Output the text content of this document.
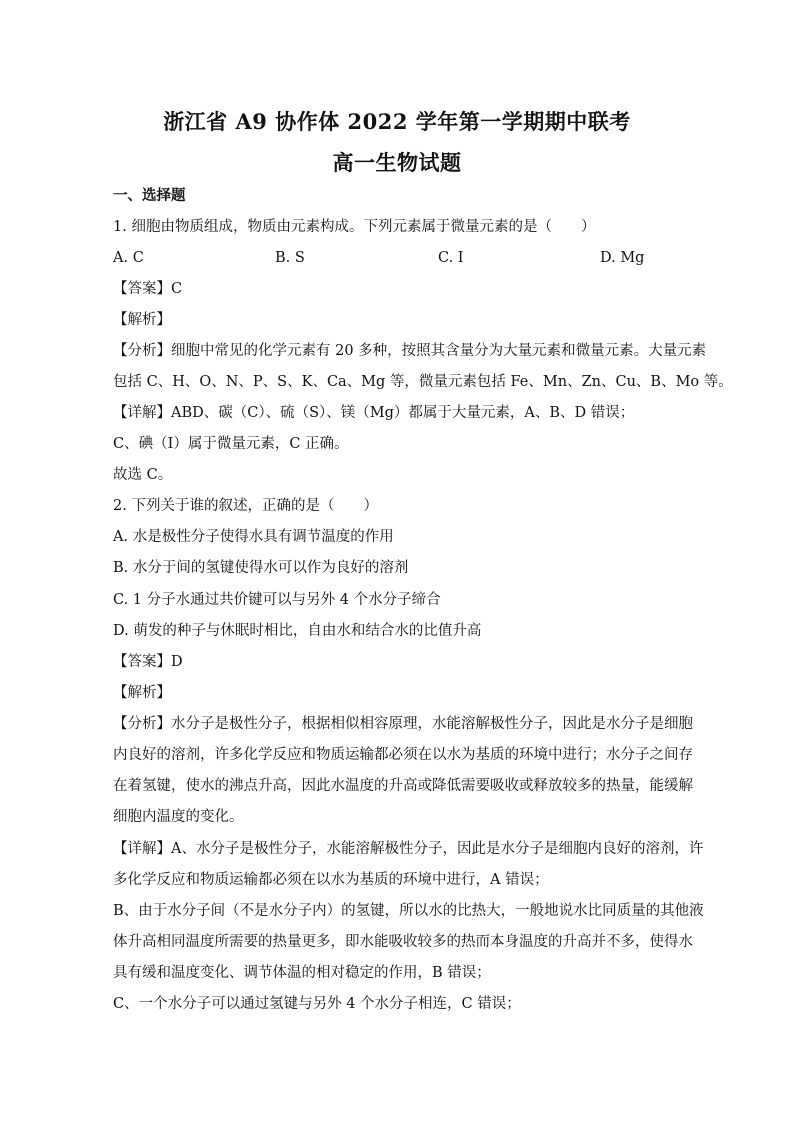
浙江省 A9 协作体 2022 学年第一学期期中联考
高一生物试题
一、选择题
1. 细胞由物质组成，物质由元素构成。下列元素属于微量元素的是（　　）
A. C	B. S	C. I	D. Mg
【答案】C
【解析】
【分析】细胞中常见的化学元素有 20 多种，按照其含量分为大量元素和微量元素。大量元素
包括 C、H、O、N、P、S、K、Ca、Mg 等，微量元素包括 Fe、Mn、Zn、Cu、B、Mo 等。
【详解】ABD、碳（C）、硫（S）、镁（Mg）都属于大量元素，A、B、D 错误；
C、碘（I）属于微量元素，C 正确。
故选 C。
2. 下列关于谁的叙述，正确的是（　　）
A. 水是极性分子使得水具有调节温度的作用
B. 水分于间的氢键使得水可以作为良好的溶剂
C. 1 分子水通过共价键可以与另外 4 个水分子缔合
D. 萌发的种子与休眠时相比，自由水和结合水的比值升高
【答案】D
【解析】
【分析】水分子是极性分子，根据相似相容原理，水能溶解极性分子，因此是水分子是细胞
内良好的溶剂，许多化学反应和物质运输都必须在以水为基质的环境中进行；水分子之间存
在着氢键，使水的沸点升高，因此水温度的升高或降低需要吸收或释放较多的热量，能缓解
细胞内温度的变化。
【详解】A、水分子是极性分子，水能溶解极性分子，因此是水分子是细胞内良好的溶剂，许
多化学反应和物质运输都必须在以水为基质的环境中进行，A 错误；
B、由于水分子间（不是水分子内）的氢键，所以水的比热大，一般地说水比同质量的其他液
体升高相同温度所需要的热量更多，即水能吸收较多的热而本身温度的升高并不多，使得水
具有缓和温度变化、调节体温的相对稳定的作用，B 错误；
C、一个水分子可以通过氢键与另外 4 个水分子相连，C 错误；
